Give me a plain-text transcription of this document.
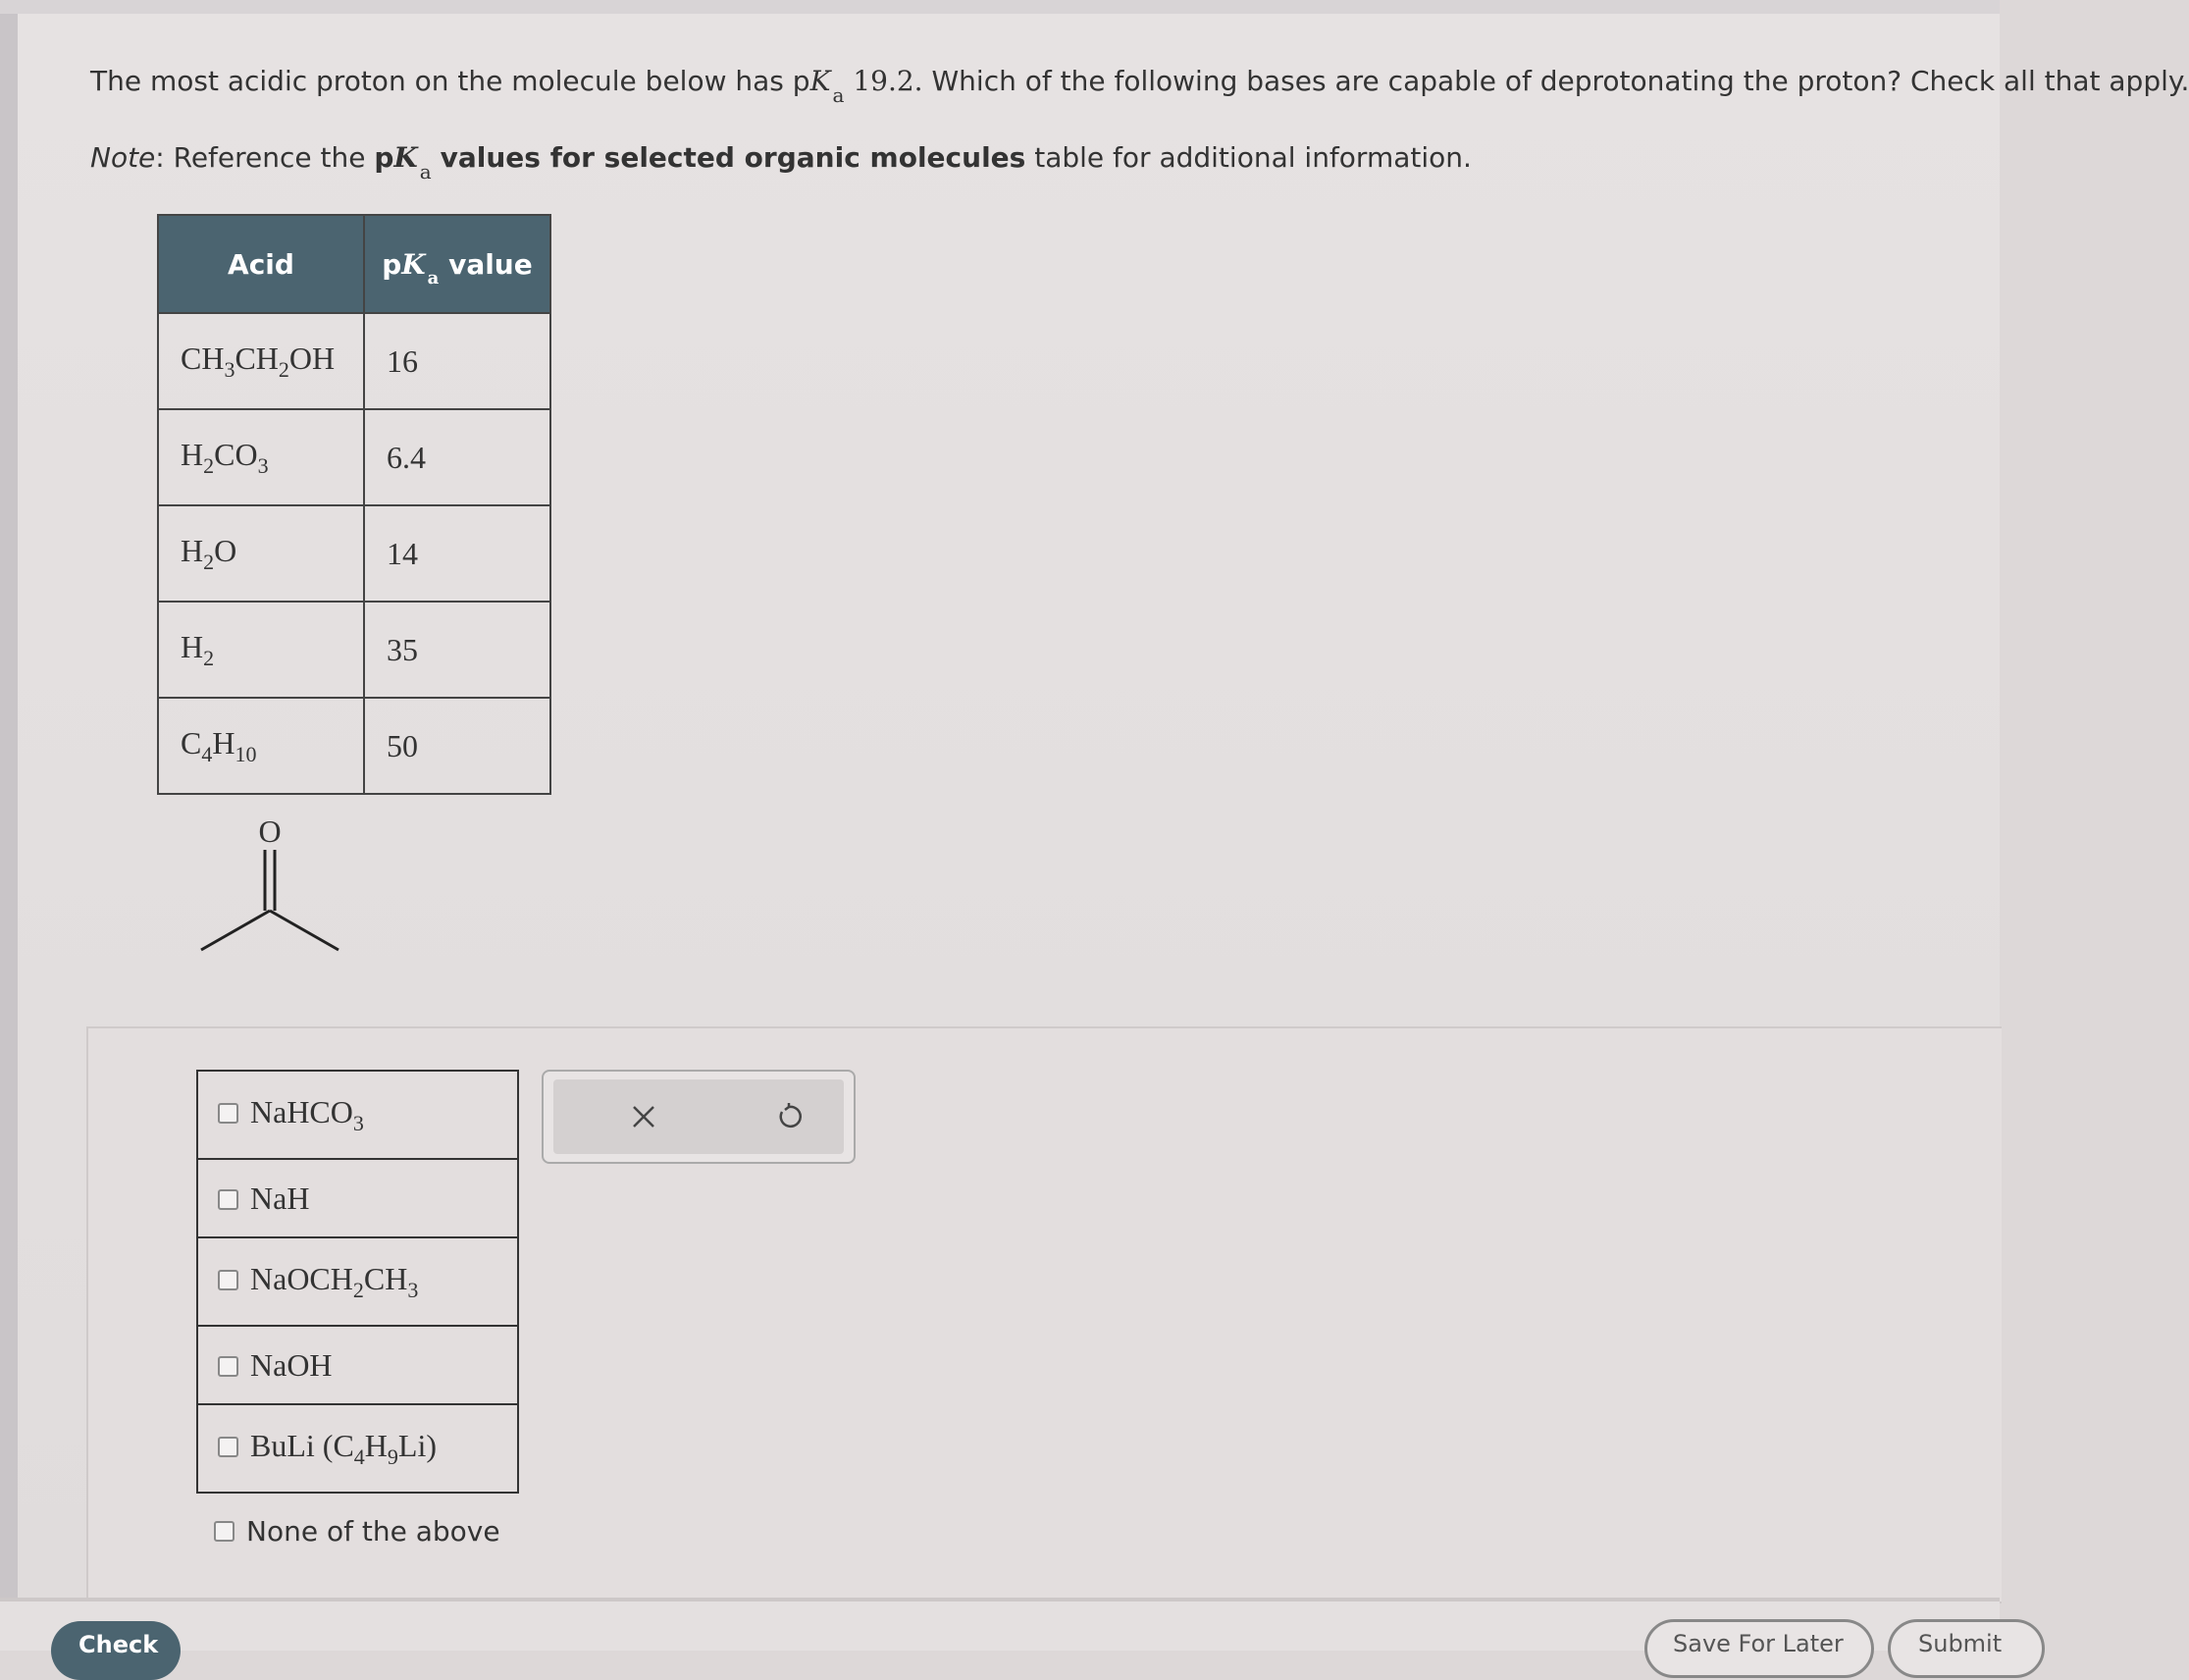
The most acidic proton on the molecule below has pK $_a$ 19.2. Which of the following bases are capable of deprotonating the proton? Check all that apply.
Note: Reference the pK $_a$ values for selected organic molecules table for additional information.
Acid	pK $_a$ value
$CH_3CH_2OH$	16
$H_2CO_3$	6.4
$H_2O$	14
$H_2$	35
$C_4H_{10}$	50
O
NaHCO$_3$
NaH
$NaOCH_2CH_3$
NaOH
BuLi $(C_4H_9Li)$
None of the above
Check	Save For Later	Submit
